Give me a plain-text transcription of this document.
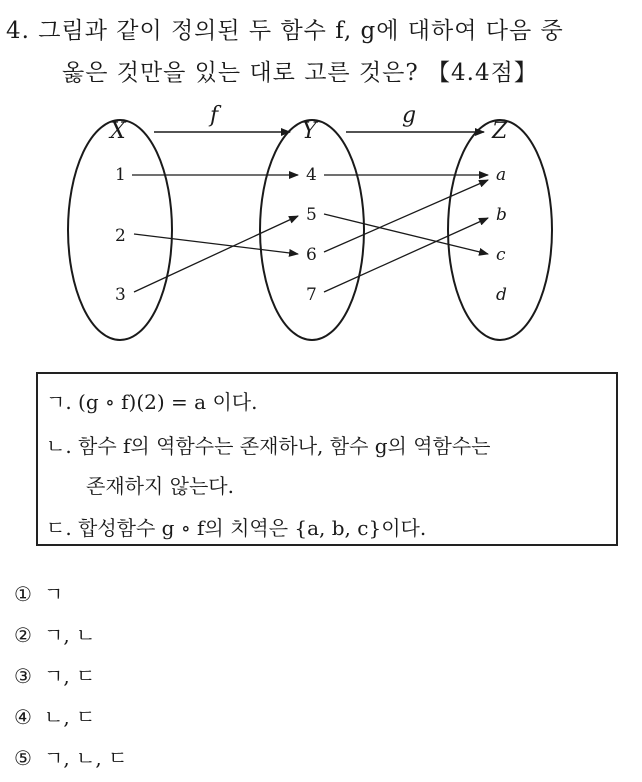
4. 그림과 같이 정의된 두 함수 f, g에 대하여 다음 중
옳은 것만을 있는 대로 고른 것은? 【4.4점】
X	Y	Z
f	g
1
2
3
4
5
6
7
a
b
c
d
ㄱ. (g ∘ f)(2) = a 이다.
ㄴ. 함수 f의 역함수는 존재하나, 함수 g의 역함수는
존재하지 않는다.
ㄷ. 합성함수 g ∘ f의 치역은 {a, b, c}이다.
① ㄱ
② ㄱ, ㄴ
③ ㄱ, ㄷ
④ ㄴ, ㄷ
⑤ ㄱ, ㄴ, ㄷ
